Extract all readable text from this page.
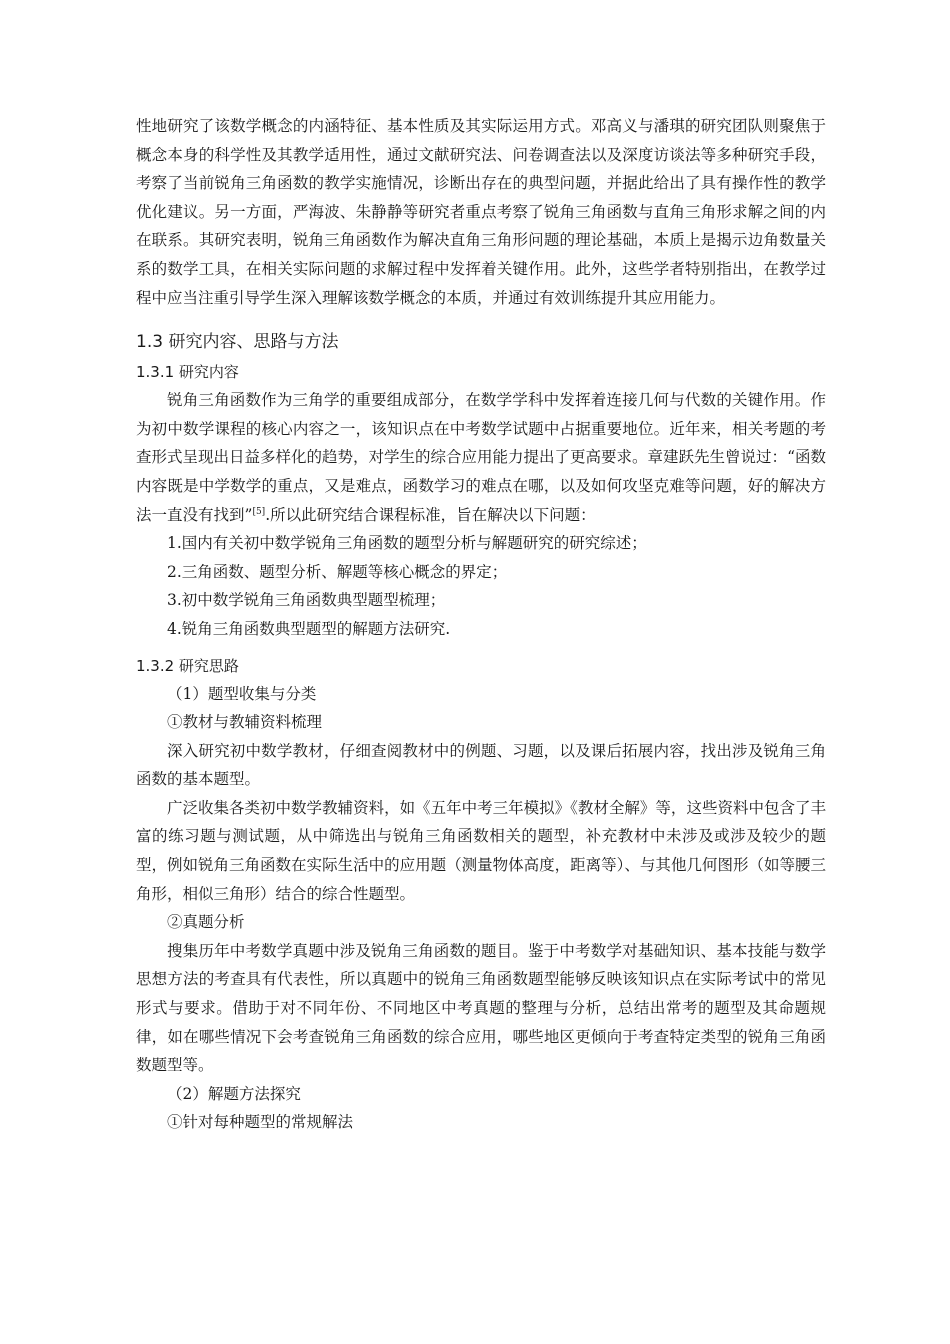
性地研究了该数学概念的内涵特征、基本性质及其实际运用方式。邓高义与潘琪的研究团队则聚焦于概念本身的科学性及其教学适用性，通过文献研究法、问卷调查法以及深度访谈法等多种研究手段，考察了当前锐角三角函数的教学实施情况，诊断出存在的典型问题，并据此给出了具有操作性的教学优化建议。另一方面，严海波、朱静静等研究者重点考察了锐角三角函数与直角三角形求解之间的内在联系。其研究表明，锐角三角函数作为解决直角三角形问题的理论基础，本质上是揭示边角数量关系的数学工具，在相关实际问题的求解过程中发挥着关键作用。此外，这些学者特别指出，在教学过程中应当注重引导学生深入理解该数学概念的本质，并通过有效训练提升其应用能力。

1.3 研究内容、思路与方法
1.3.1 研究内容

锐角三角函数作为三角学的重要组成部分，在数学学科中发挥着连接几何与代数的关键作用。作为初中数学课程的核心内容之一，该知识点在中考数学试题中占据重要地位。近年来，相关考题的考查形式呈现出日益多样化的趋势，对学生的综合应用能力提出了更高要求。章建跃先生曾说过：“函数内容既是中学数学的重点，又是难点，函数学习的难点在哪，以及如何攻坚克难等问题，好的解决方法一直没有找到”[5].所以此研究结合课程标准，旨在解决以下问题：

1.国内有关初中数学锐角三角函数的题型分析与解题研究的研究综述；

2.三角函数、题型分析、解题等核心概念的界定；

3.初中数学锐角三角函数典型题型梳理；

4.锐角三角函数典型题型的解题方法研究.

1.3.2 研究思路

（1）题型收集与分类

①教材与教辅资料梳理

深入研究初中数学教材，仔细查阅教材中的例题、习题，以及课后拓展内容，找出涉及锐角三角函数的基本题型。

广泛收集各类初中数学教辅资料，如《五年中考三年模拟》《教材全解》等，这些资料中包含了丰富的练习题与测试题，从中筛选出与锐角三角函数相关的题型，补充教材中未涉及或涉及较少的题型，例如锐角三角函数在实际生活中的应用题（测量物体高度，距离等）、与其他几何图形（如等腰三角形，相似三角形）结合的综合性题型。

②真题分析

搜集历年中考数学真题中涉及锐角三角函数的题目。鉴于中考数学对基础知识、基本技能与数学思想方法的考查具有代表性，所以真题中的锐角三角函数题型能够反映该知识点在实际考试中的常见形式与要求。借助于对不同年份、不同地区中考真题的整理与分析，总结出常考的题型及其命题规律，如在哪些情况下会考查锐角三角函数的综合应用，哪些地区更倾向于考查特定类型的锐角三角函数题型等。

（2）解题方法探究

①针对每种题型的常规解法
